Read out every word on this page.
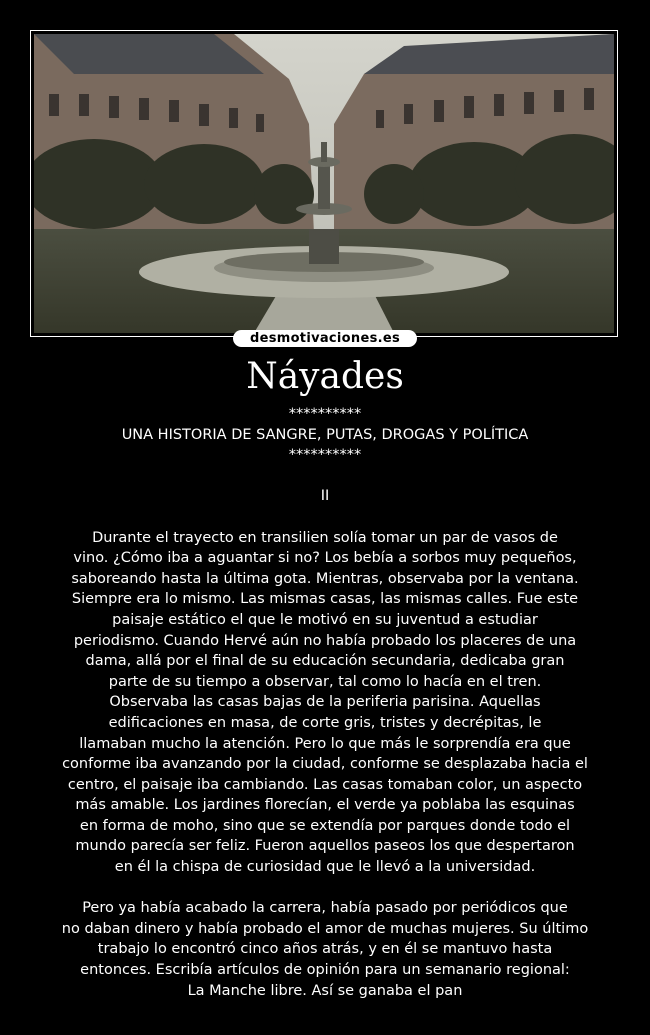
desmotivaciones.es
Náyades

**********

UNA HISTORIA DE SANGRE, PUTAS, DROGAS Y POLÍTICA

**********

II

Durante el trayecto en transilien solía tomar un par de vasos de

vino. ¿Cómo iba a aguantar si no? Los bebía a sorbos muy pequeños,

saboreando hasta la última gota. Mientras, observaba por la ventana.

Siempre era lo mismo. Las mismas casas, las mismas calles. Fue este

paisaje estático el que le motivó en su juventud a estudiar

periodismo. Cuando Hervé aún no había probado los placeres de una

dama, allá por el final de su educación secundaria, dedicaba gran

parte de su tiempo a observar, tal como lo hacía en el tren.

Observaba las casas bajas de la periferia parisina. Aquellas

edificaciones en masa, de corte gris, tristes y decrépitas, le

llamaban mucho la atención. Pero lo que más le sorprendía era que

conforme iba avanzando por la ciudad, conforme se desplazaba hacia el

centro, el paisaje iba cambiando. Las casas tomaban color, un aspecto

más amable. Los jardines florecían, el verde ya poblaba las esquinas

en forma de moho, sino que se extendía por parques donde todo el

mundo parecía ser feliz. Fueron aquellos paseos los que despertaron

en él la chispa de curiosidad que le llevó a la universidad.

Pero ya había acabado la carrera, había pasado por periódicos que

no daban dinero y había probado el amor de muchas mujeres. Su último

trabajo lo encontró cinco años atrás, y en él se mantuvo hasta

entonces. Escribía artículos de opinión para un semanario regional:

La Manche libre. Así se ganaba el pan
